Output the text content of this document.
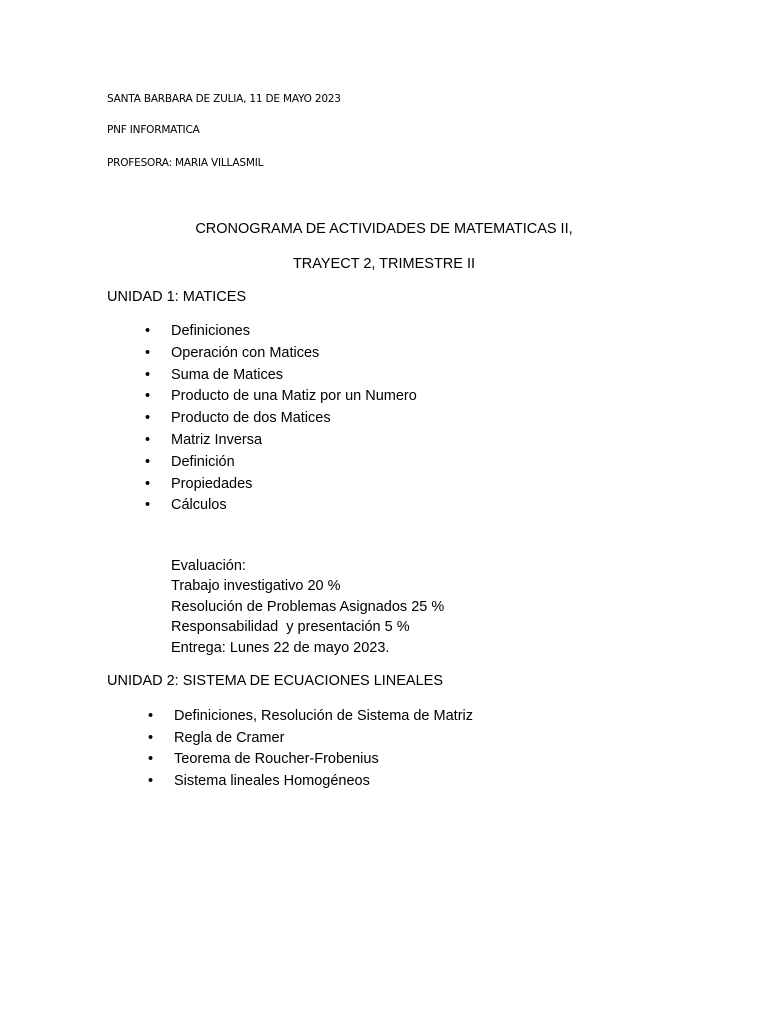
SANTA BARBARA DE ZULIA, 11 DE MAYO 2023
PNF INFORMATICA
PROFESORA: MARIA VILLASMIL
CRONOGRAMA DE ACTIVIDADES DE MATEMATICAS II,
TRAYECT 2, TRIMESTRE II
UNIDAD 1: MATICES
• Definiciones
• Operación con Matices
• Suma de Matices
• Producto de una Matiz por un Numero
• Producto de dos Matices
• Matriz Inversa
• Definición
• Propiedades
• Cálculos
Evaluación:
Trabajo investigativo 20 %
Resolución de Problemas Asignados 25 %
Responsabilidad  y presentación 5 %
Entrega: Lunes 22 de mayo 2023.
UNIDAD 2: SISTEMA DE ECUACIONES LINEALES
• Definiciones, Resolución de Sistema de Matriz
• Regla de Cramer
• Teorema de Roucher-Frobenius
• Sistema lineales Homogéneos
